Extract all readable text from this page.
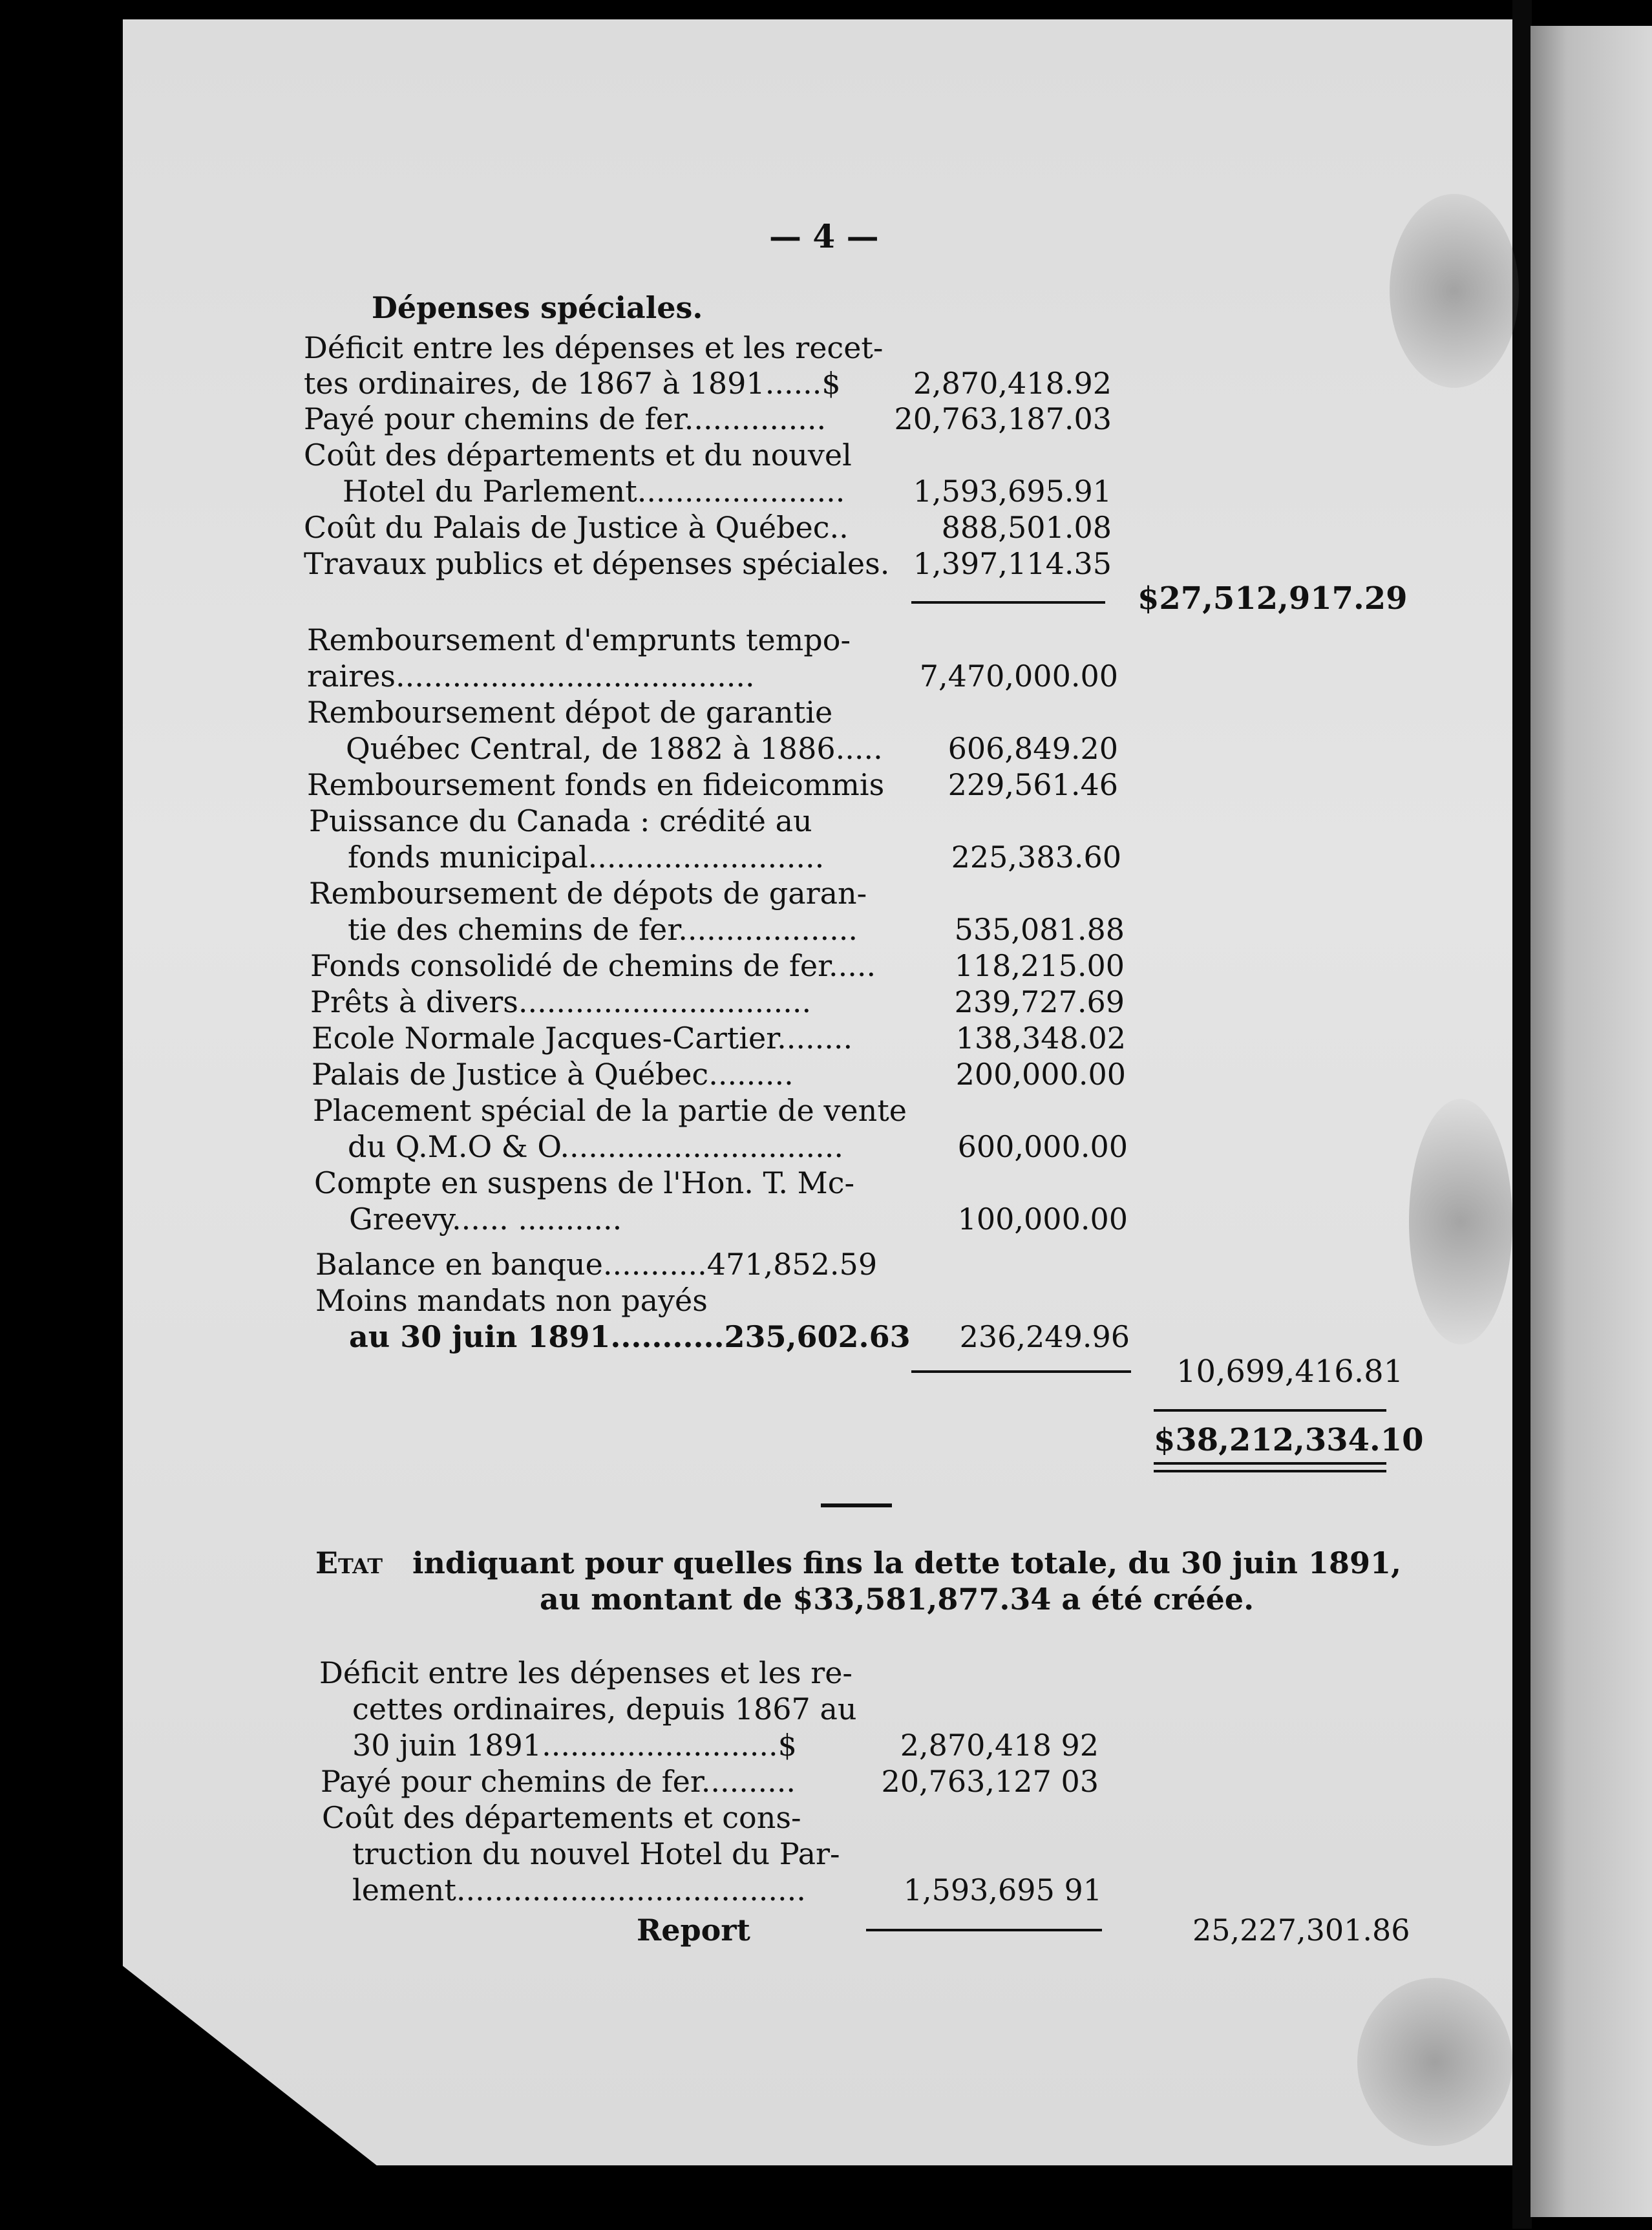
— 4 —
Dépenses spéciales.
Déficit entre les dépenses et les recet-
tes ordinaires, de 1867 à 1891......$	2,870,418.92
Payé pour chemins de fer............... 20,763,187.03
Coût des départements et du nouvel
Hotel du Parlement......................	1,593,695.91
Coût du Palais de Justice à Québec..	888,501.08
Travaux publics et dépenses spéciales. 1,397,114.35
$27,512,917.29
Remboursement d'emprunts tempo-
raires......................................	7,470,000.00
Remboursement dépot de garantie
Québec Central, de 1882 à 1886.....	606,849.20
Remboursement fonds en fideicommis	229,561.46
Puissance du Canada : crédité au
fonds municipal.........................	225,383.60
Remboursement de dépots de garan-
tie des chemins de fer...................	535,081.88
Fonds consolidé de chemins de fer.....	118,215.00
Prêts à divers...............................	239,727.69
Ecole Normale Jacques-Cartier........	138,348.02
Palais de Justice à Québec.........	200,000.00
Placement spécial de la partie de vente
du Q.M.O & O..............................	600,000.00
Compte en suspens de l'Hon. T. Mc-
Greevy...... ...........	100,000.00
Balance en banque...........471,852.59
Moins mandats non payés
au 30 juin 1891...........235,602.63	236,249.96
10,699,416.81
$38,212,334.10
Etat indiquant pour quelles fins la dette totale, du 30 juin 1891,
au montant de $33,581,877.34 a été créée.
Déficit entre les dépenses et les re-
cettes ordinaires, depuis 1867 au
30 juin 1891.........................$	2,870,418 92
Payé pour chemins de fer..........	20,763,127 03
Coût des départements et cons-
truction du nouvel Hotel du Par-
lement.....................................	1,593,695 91
Report	25,227,301.86
